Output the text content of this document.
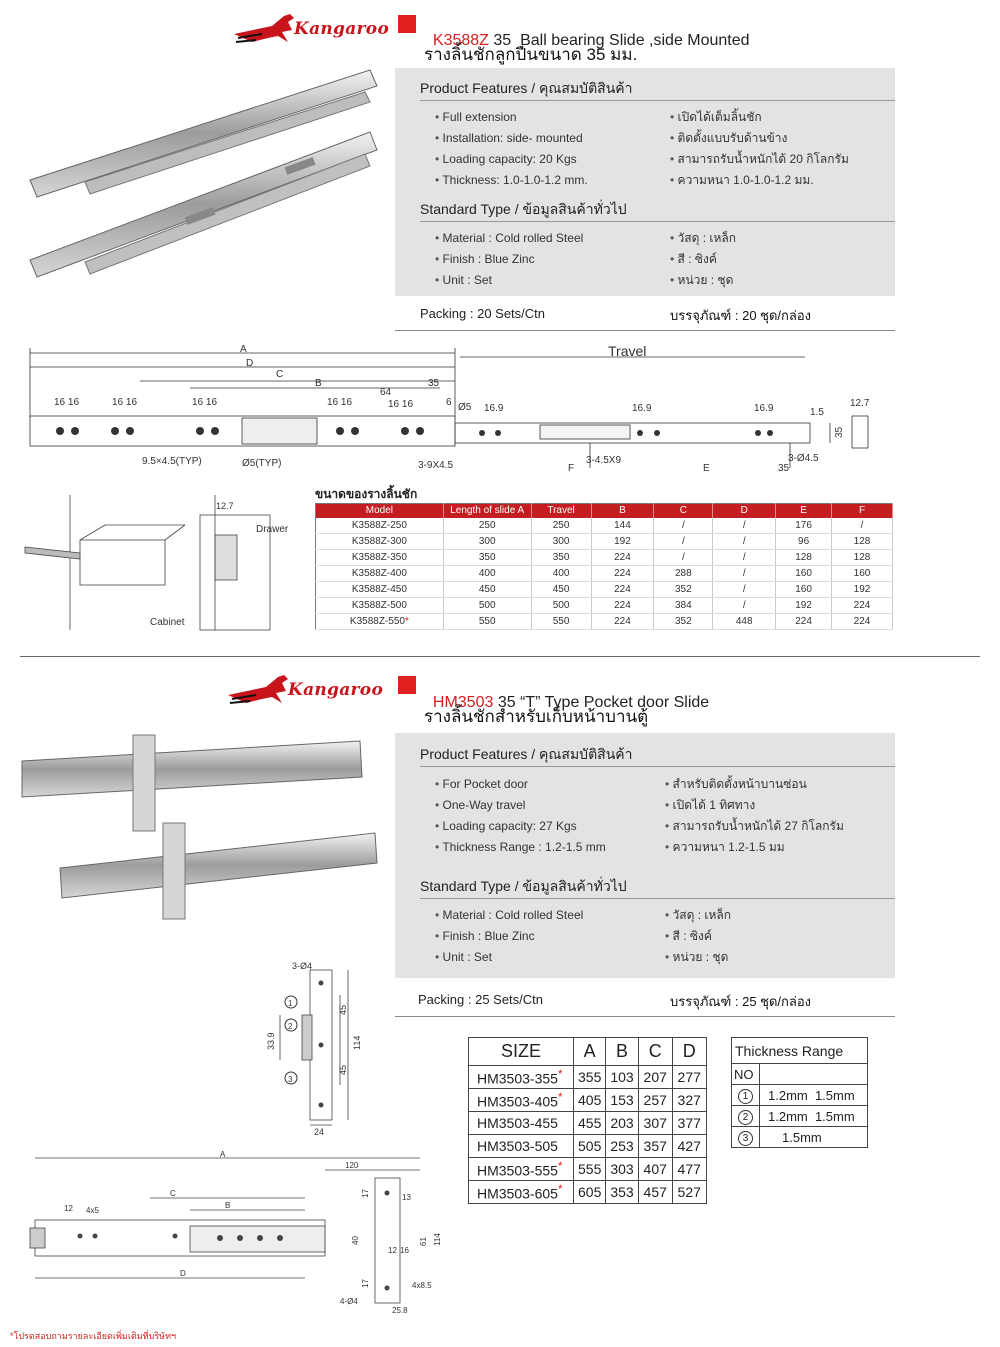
Kangaroo

K3588Z 35  Ball bearing Slide ,side Mounted

รางลิ้นชักลูกปืนขนาด 35 มม.
Product Features / คุณสมบัติสินค้า
• Full extension
• Installation: side- mounted
• Loading capacity: 20 Kgs
• Thickness: 1.0-1.0-1.2 mm.
• เปิดได้เต็มลิ้นชัก
• ติดตั้งแบบรับด้านข้าง
• สามารถรับน้ำหนักได้ 20 กิโลกรัม
• ความหนา 1.0-1.0-1.2 มม.
Standard Type / ข้อมูลสินค้าทั่วไป
• Material : Cold rolled Steel
• Finish : Blue Zinc
• Unit : Set
• วัสดุ : เหล็ก
• สี : ซิงค์
• หน่วย : ชุด
Packing : 20 Sets/Ctn	บรรจุภัณฑ์ : 20 ชุด/กล่อง
A
D
C
B
Travel
35
64
16 16	16 16	16 16	16 16	16 16	Ø5 16.9	16.9	16.9	1.5
12.7
35
9.5×4.5(TYP)	Ø5(TYP)	3-9X4.5	3-4.5X9
F	E	35
3-Ø4.5
6
12.7
Drawer
Cabinet
ขนาดของรางลิ้นชัก
Model	Length of slide A	Travel	B	C	D	E	F
K3588Z-250	250	250	144	/	/	176	/
K3588Z-300	300	300	192	/	/	96	128
K3588Z-350	350	350	224	/	/	128	128
K3588Z-400	400	400	224	288	/	160	160
K3588Z-450	450	450	224	352	/	160	192
K3588Z-500	500	500	224	384	/	192	224
K3588Z-550*	550	550	224	352	448	224	224
Kangaroo

HM3503 35 “T” Type Pocket door Slide

รางลิ้นชักสำหรับเก็บหน้าบานตู้
Product Features / คุณสมบัติสินค้า
• For Pocket door
• One-Way travel
• Loading capacity: 27 Kgs
• Thickness Range : 1.2-1.5 mm
• สำหรับติดตั้งหน้าบานซ่อน
• เปิดได้ 1 ทิศทาง
• สามารถรับน้ำหนักได้ 27 กิโลกรัม
• ความหนา 1.2-1.5 มม
Standard Type / ข้อมูลสินค้าทั่วไป
• Material : Cold rolled Steel
• Finish : Blue Zinc
• Unit : Set
• วัสดุ : เหล็ก
• สี : ซิงค์
• หน่วย : ชุด
Packing : 25 Sets/Ctn	บรรจุภัณฑ์ : 25 ชุด/กล่อง
3-Ø4
1
2
3
33.9
45
45
114
24
A
120
C
B
12 4x5
D
17	13
40
12 16
61 114
17	4x8.5
4-Ø4
25.8
SIZE	A	B	C	D
HM3503-355*	355	103	207	277
HM3503-405*	405	153	257	327
HM3503-455	455	203	307	377
HM3503-505	505	253	357	427
HM3503-555*	555	303	407	477
HM3503-605*	605	353	457	527
Thickness Range	
NO	
1	1.2mm  1.5mm
2	1.2mm  1.5mm
3	1.5mm
*โปรดสอบถามรายละเอียดเพิ่มเติมที่บริษัทฯ
